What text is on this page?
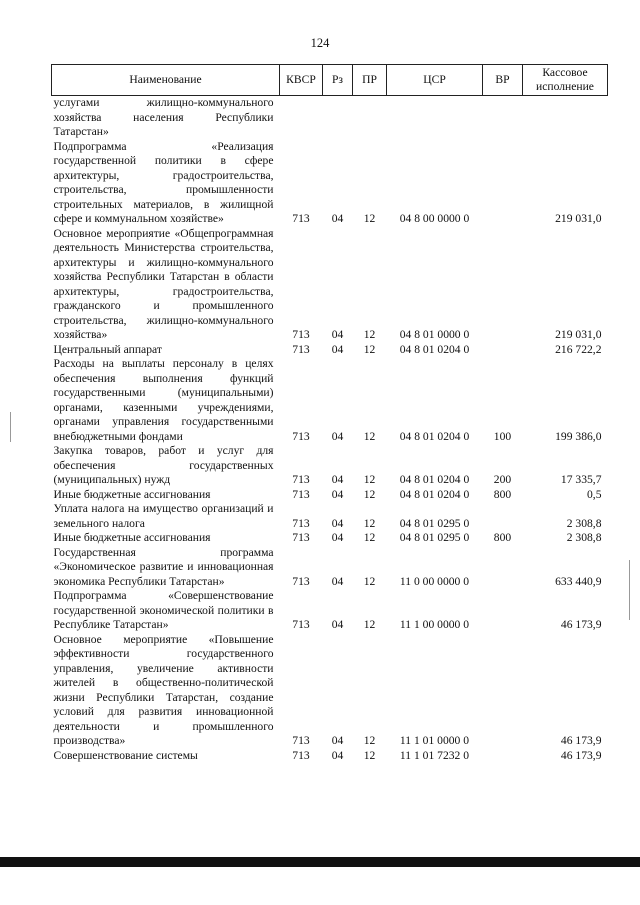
124
Наименование	КВСР	Рз	ПР	ЦСР	ВР	Кассовое исполнение
услугами жилищно-коммунального хозяйства населения Республики Татарстан»						
Подпрограмма «Реализация государственной политики в сфере архитектуры, градостроительства, строительства, промышленности строительных материалов, в жилищной сфере и коммунальном хозяйстве»	713	04	12	04 8 00 0000 0		219 031,0
Основное мероприятие «Общепрограммная деятельность Министерства строительства, архитектуры и жилищно-коммунального хозяйства Республики Татарстан в области архитектуры, градостроительства, гражданского и промышленного строительства, жилищно-коммунального хозяйства»	713	04	12	04 8 01 0000 0		219 031,0
Центральный аппарат	713	04	12	04 8 01 0204 0		216 722,2
Расходы на выплаты персоналу в целях обеспечения выполнения функций государственными (муниципальными) органами, казенными учреждениями, органами управления государственными внебюджетными фондами	713	04	12	04 8 01 0204 0	100	199 386,0
Закупка товаров, работ и услуг для обеспечения государственных (муниципальных) нужд	713	04	12	04 8 01 0204 0	200	17 335,7
Иные бюджетные ассигнования	713	04	12	04 8 01 0204 0	800	0,5
Уплата налога на имущество организаций и земельного налога	713	04	12	04 8 01 0295 0		2 308,8
Иные бюджетные ассигнования	713	04	12	04 8 01 0295 0	800	2 308,8
Государственная программа «Экономическое развитие и инновационная экономика Республики Татарстан»	713	04	12	11 0 00 0000 0		633 440,9
Подпрограмма «Совершенствование государственной экономической политики в Республике Татарстан»	713	04	12	11 1 00 0000 0		46 173,9
Основное мероприятие «Повышение эффективности государственного управления, увеличение активности жителей в общественно-политической жизни Республики Татарстан, создание условий для развития инновационной деятельности и промышленного производства»	713	04	12	11 1 01 0000 0		46 173,9
Совершенствование системы	713	04	12	11 1 01 7232 0		46 173,9
